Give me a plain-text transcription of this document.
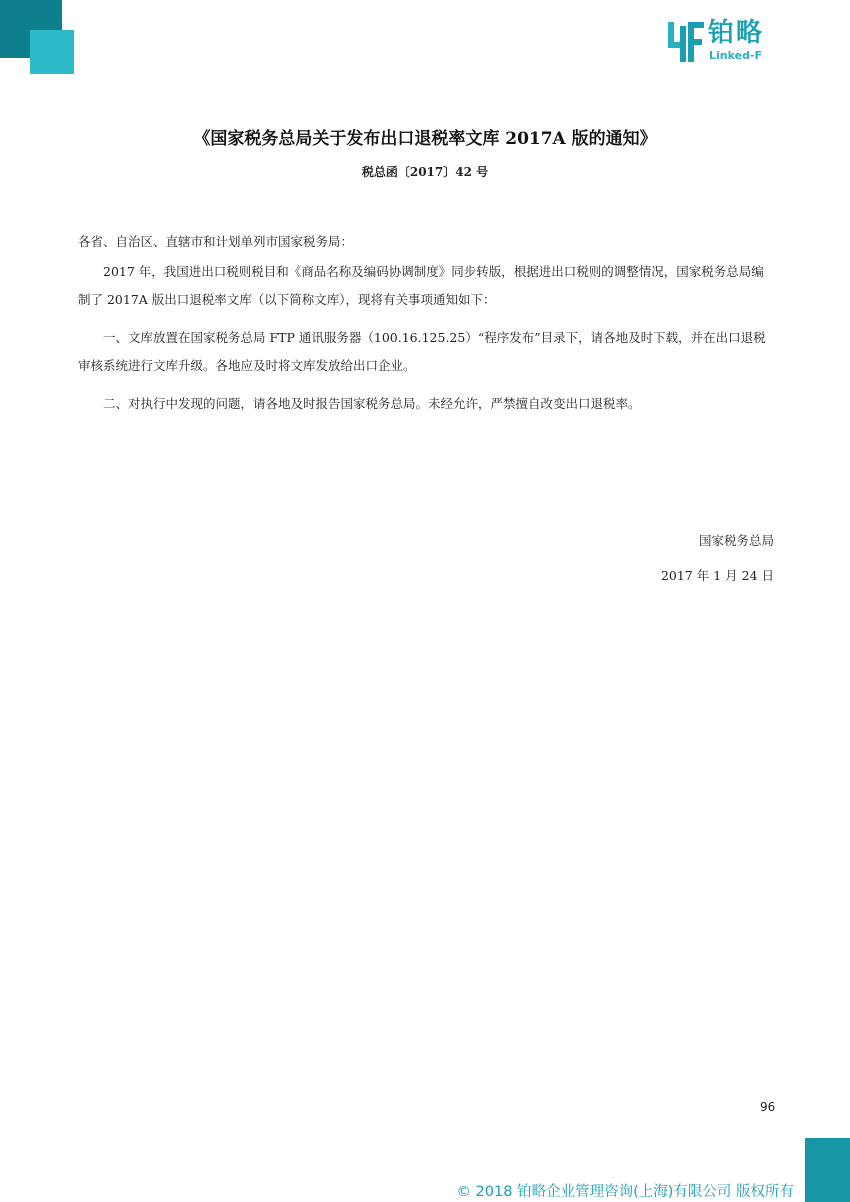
铂略
Linked-F
《国家税务总局关于发布出口退税率文库 2017A 版的通知》
税总函〔2017〕42 号

各省、自治区、直辖市和计划单列市国家税务局：

2017 年，我国进出口税则税目和《商品名称及编码协调制度》同步转版，根据进出口税则的调整情况，国家税务总局编制了 2017A 版出口退税率文库（以下简称文库），现将有关事项通知如下：

一、文库放置在国家税务总局 FTP 通讯服务器（100.16.125.25）“程序发布”目录下，请各地及时下载，并在出口退税审核系统进行文库升级。各地应及时将文库发放给出口企业。

二、对执行中发现的问题，请各地及时报告国家税务总局。未经允许，严禁擅自改变出口退税率。

国家税务总局
2017 年 1 月 24 日
96
© 2018 铂略企业管理咨询(上海)有限公司 版权所有
